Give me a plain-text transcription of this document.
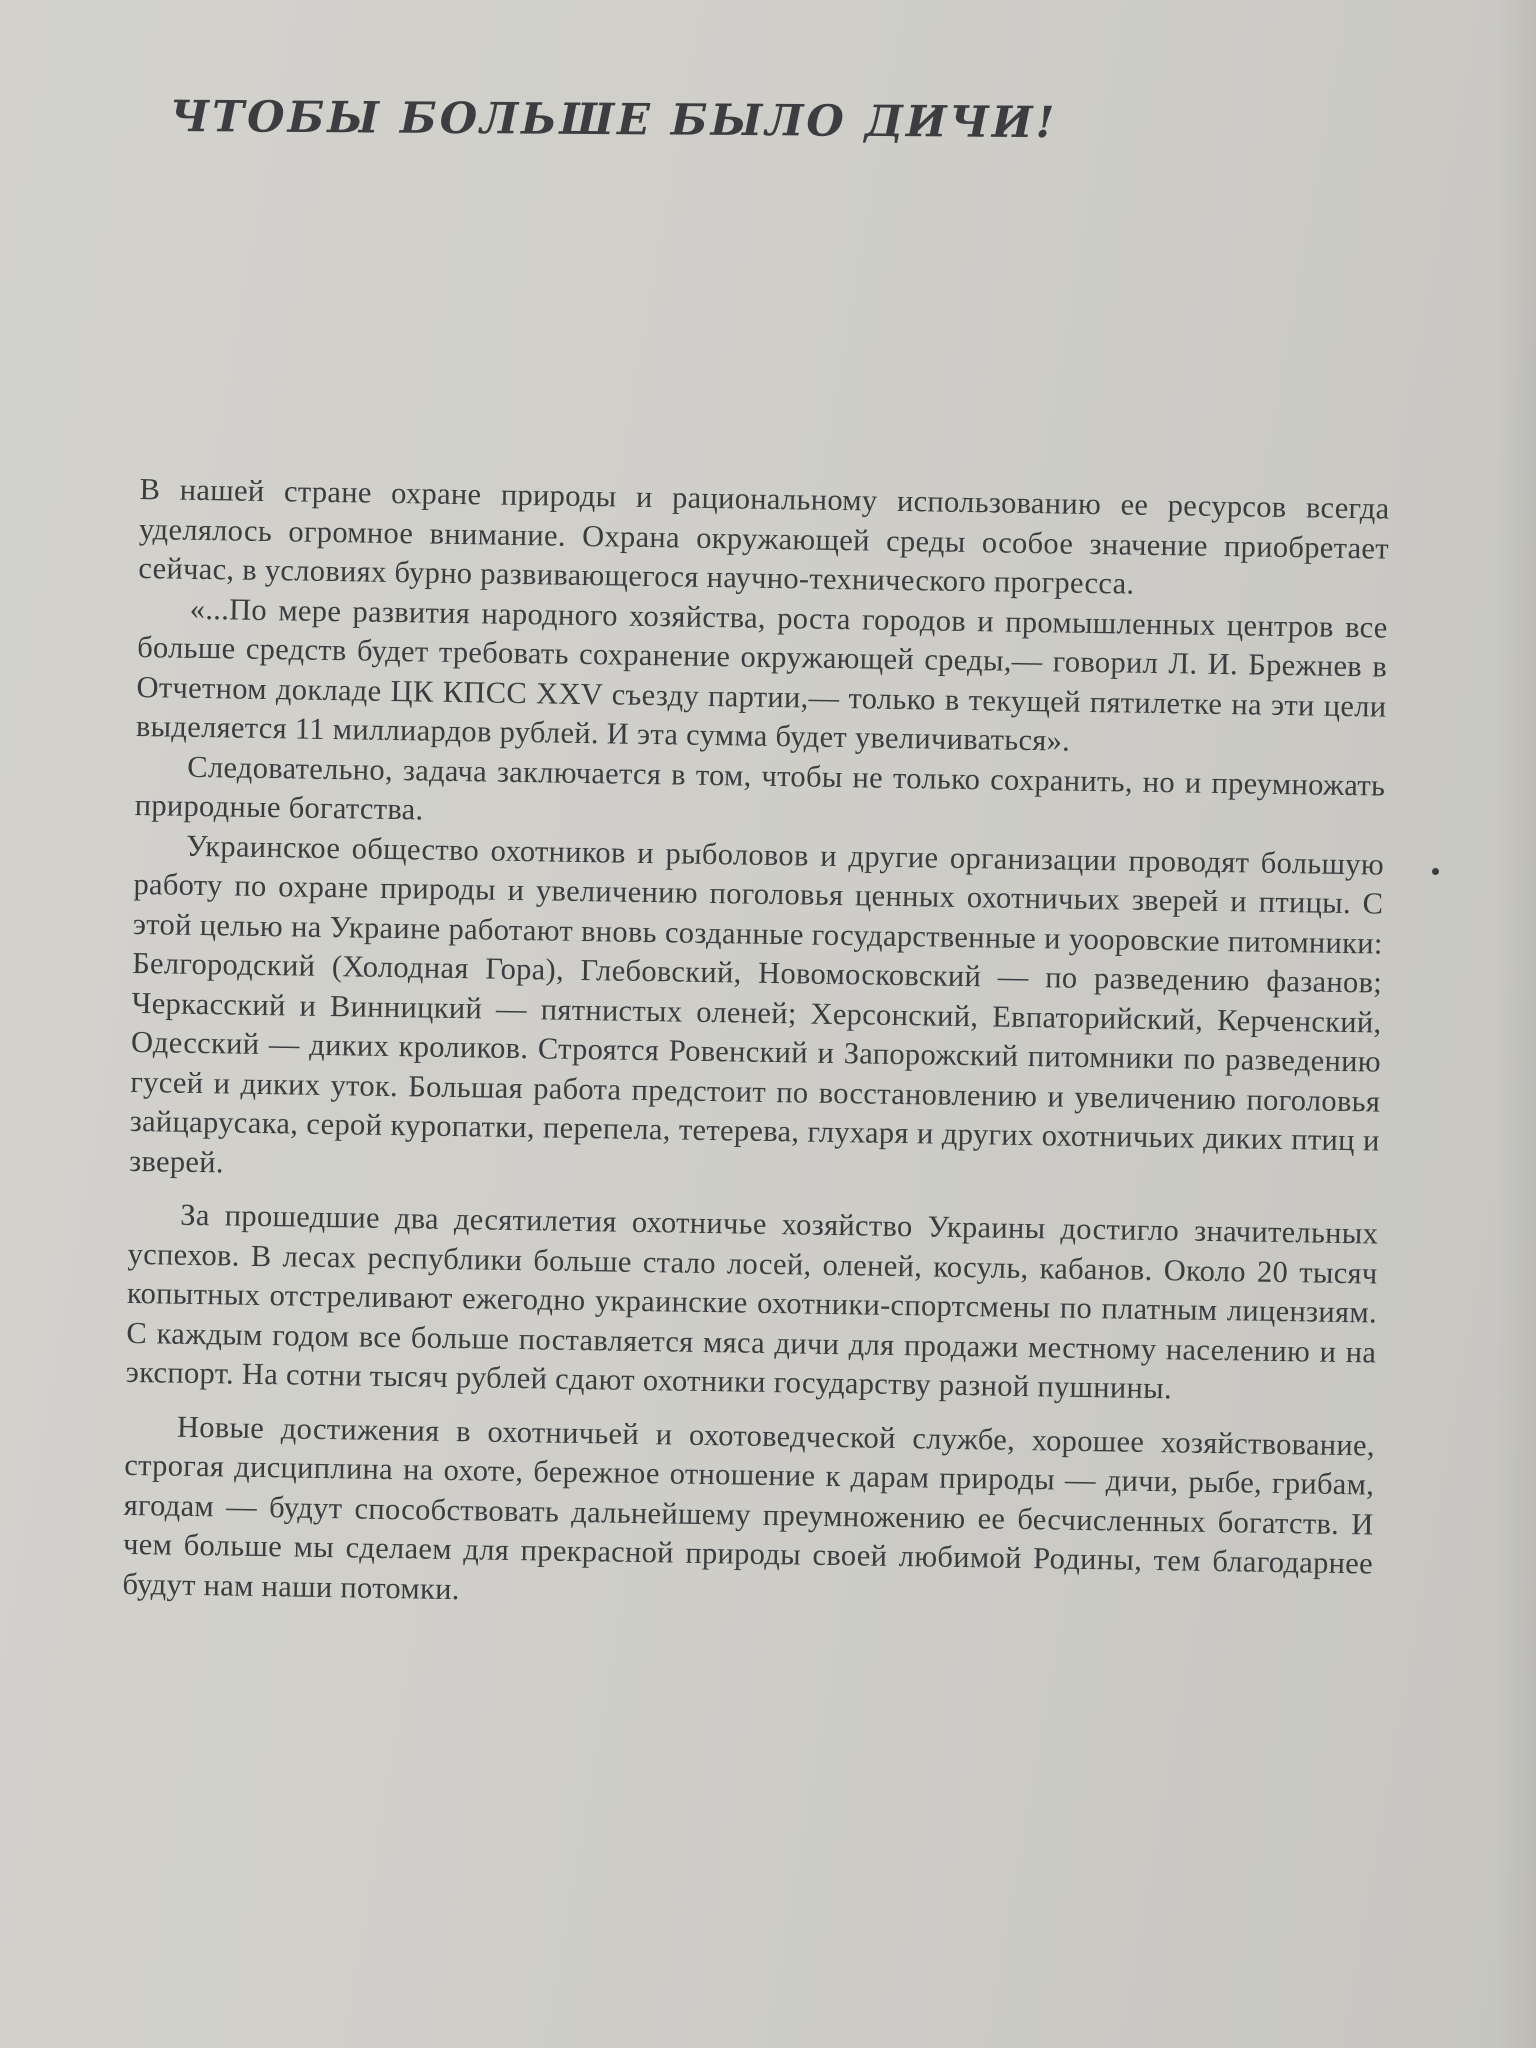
ЧТОБЫ БОЛЬШЕ БЫЛО ДИЧИ!

В нашей стране охране природы и рациональному использованию ее ресурсов всегда уделялось огромное внимание. Охрана окружающей среды особое значение приобретает сейчас, в условиях бурно развивающегося научно-технического прогресса.

«...По мере развития народного хозяйства, роста городов и промышленных центров все больше средств будет требовать сохранение окружающей среды,— говорил Л. И. Брежнев в Отчетном докладе ЦК КПСС XXV съезду партии,— только в текущей пятилетке на эти цели выделяется 11 миллиардов рублей. И эта сумма будет увеличиваться».

Следовательно, задача заключается в том, чтобы не только сохранить, но и преумножать природные богатства.

Украинское общество охотников и рыболовов и другие организации проводят большую работу по охране природы и увеличению поголовья ценных охотничьих зверей и птицы. С этой целью на Украине работают вновь созданные государственные и уооровские питомники: Белгородский (Холодная Гора), Глебовский, Новомосковский — по разведению фазанов; Черкасский и Винницкий — пятнистых оленей; Херсонский, Евпаторийский, Керченский, Одесский — диких кроликов. Строятся Ровенский и Запорожский питомники по разведению гусей и диких уток. Большая работа предстоит по восстановлению и увеличению поголовья зайцарусака, серой куропатки, перепела, тетерева, глухаря и других охотничьих диких птиц и зверей.

За прошедшие два десятилетия охотничье хозяйство Украины достигло значительных успехов. В лесах республики больше стало лосей, оленей, косуль, кабанов. Около 20 тысяч копытных отстреливают ежегодно украинские охотники-спортсмены по платным лицензиям. С каждым годом все больше поставляется мяса дичи для продажи местному населению и на экспорт. На сотни тысяч рублей сдают охотники государству разной пушнины.

Новые достижения в охотничьей и охотоведческой службе, хорошее хозяйствование, строгая дисциплина на охоте, бережное отношение к дарам природы — дичи, рыбе, грибам, ягодам — будут способствовать дальнейшему преумножению ее бесчисленных богатств. И чем больше мы сделаем для прекрасной природы своей любимой Родины, тем благодарнее будут нам наши потомки.
